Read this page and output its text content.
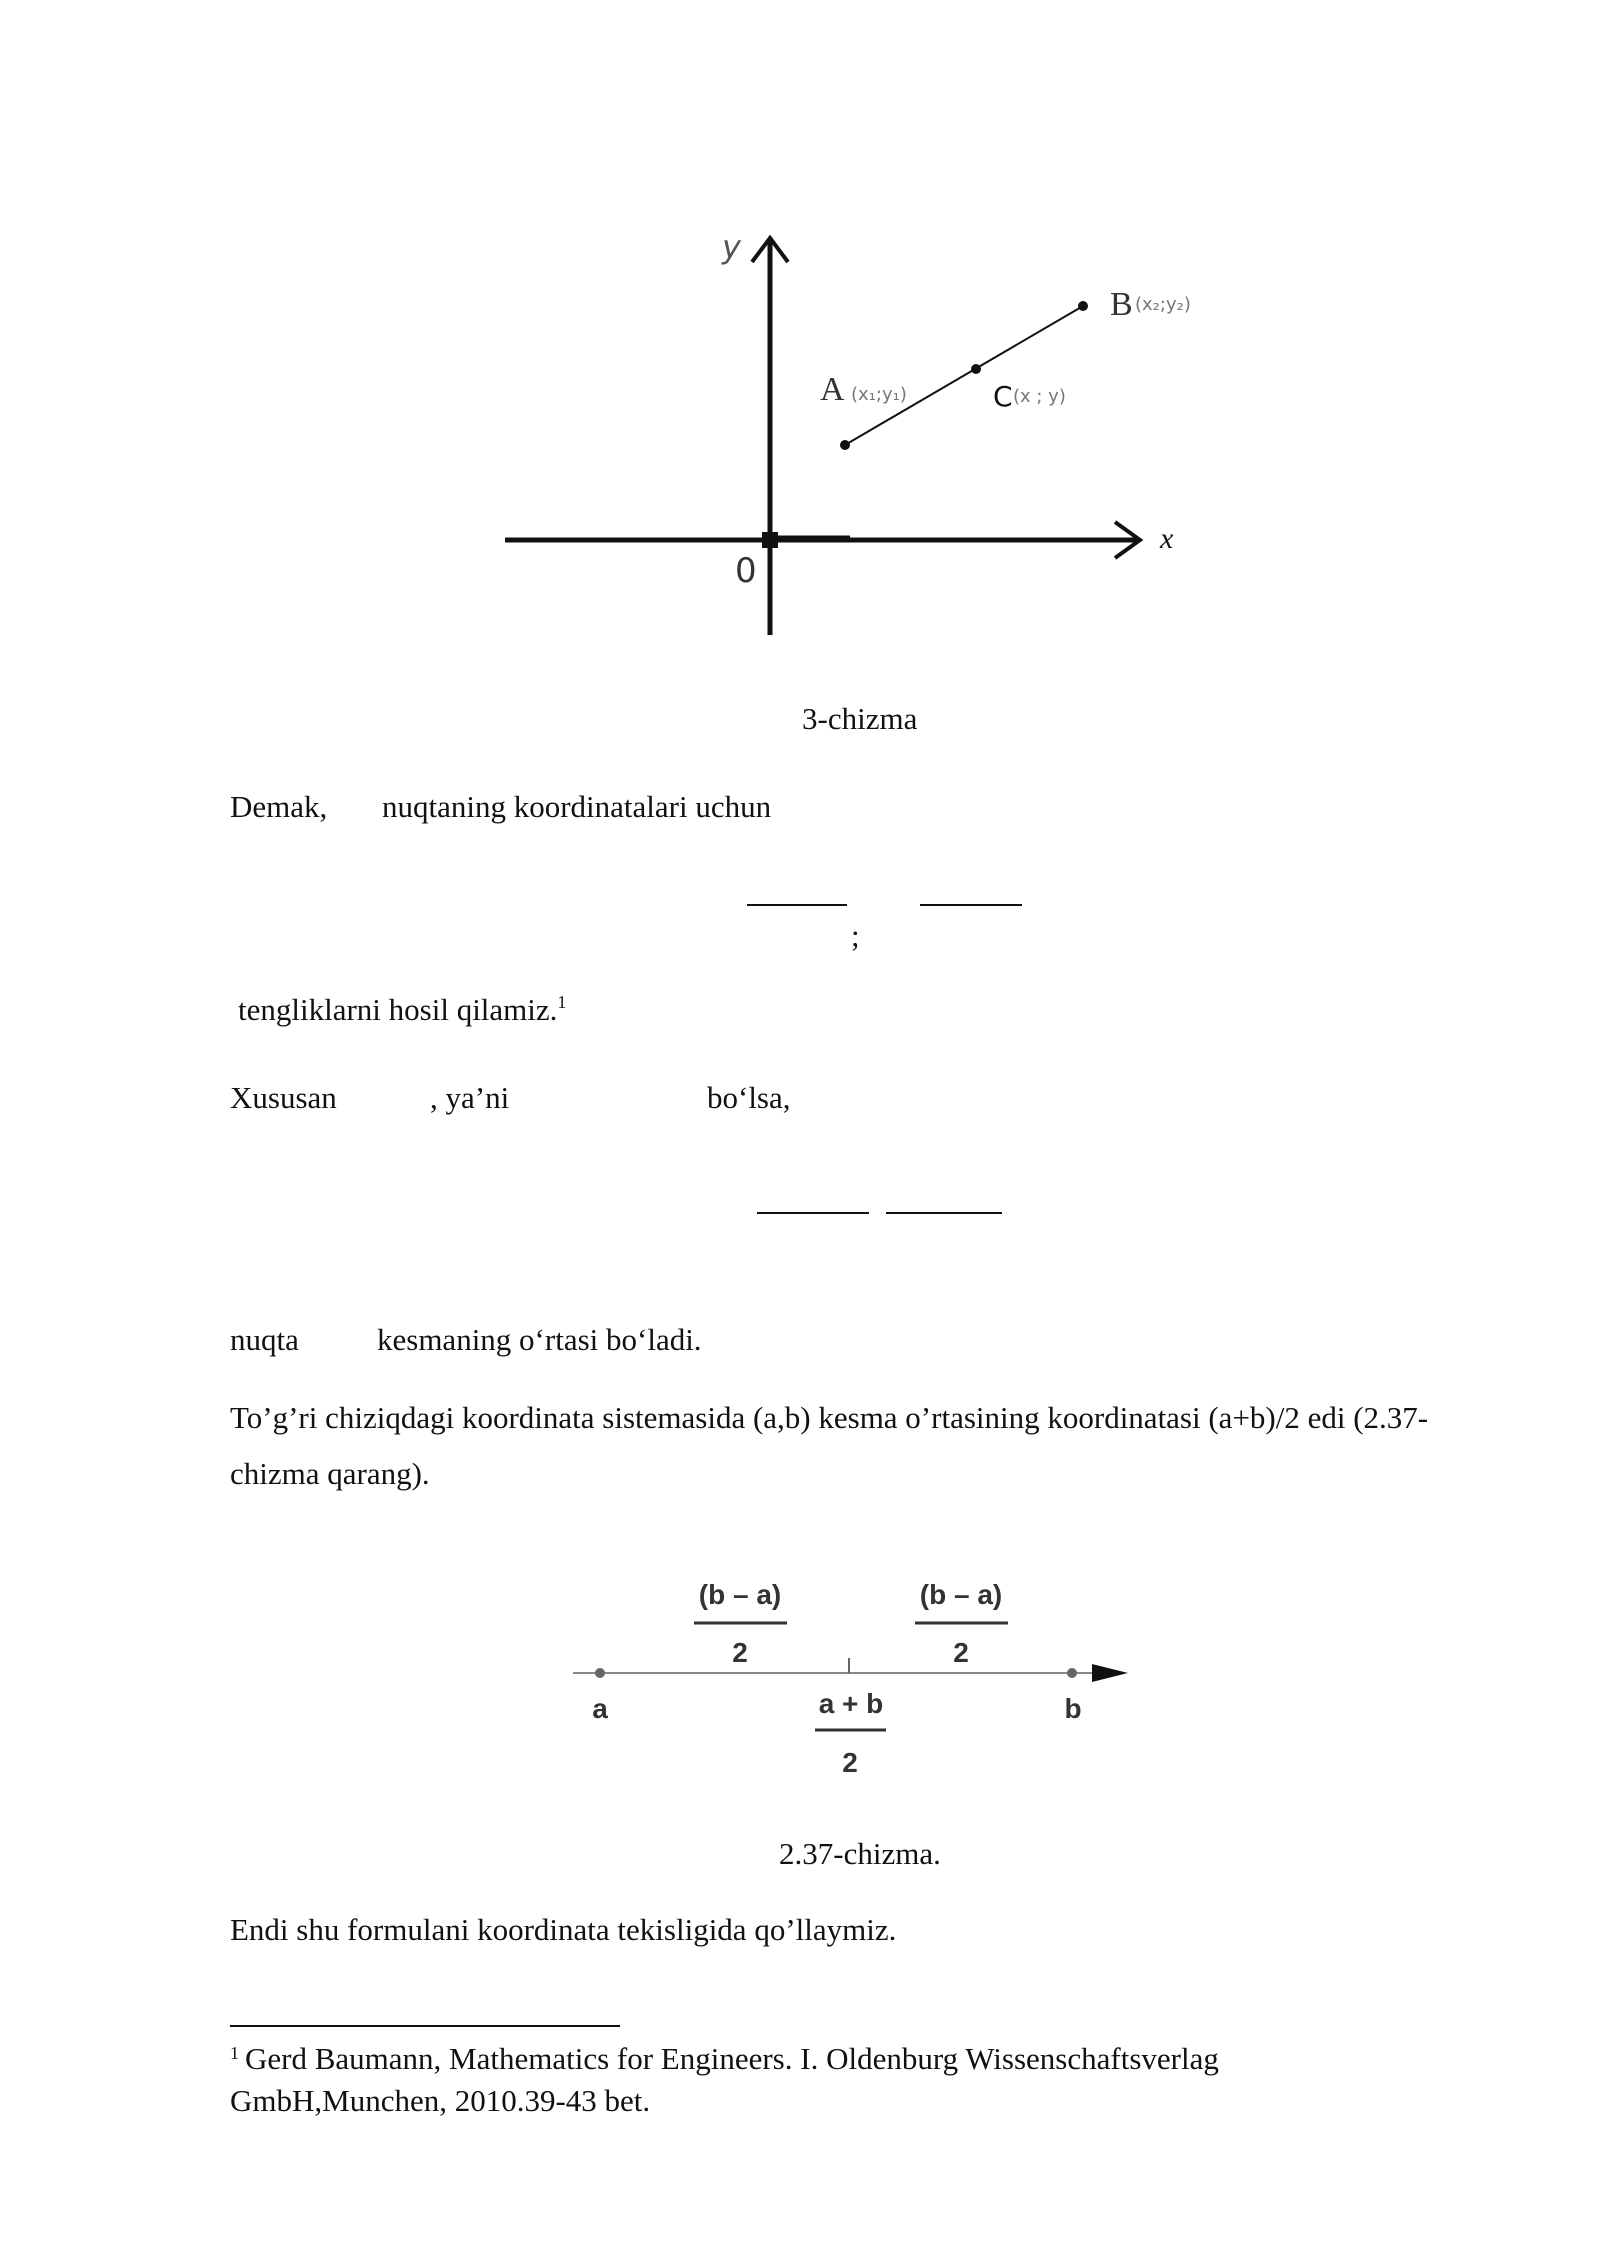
y
x
0
A (x₁;y₁)
B (x₂;y₂)
C (x ; y)
3-chizma
Demak, nuqtaning koordinatalari uchun
;
tengliklarni hosil qilamiz.$^1$
Xususan	, ya’ni	bo‘lsa,
nuqta	kesmaning o‘rtasi bo‘ladi.
To’g’ri chiziqdagi koordinata sistemasida (a,b) kesma o’rtasining koordinatasi (a+b)/2 edi (2.37-
chizma qarang).
(b – a)
2
(b – a)
2
a	b
a + b
2
2.37-chizma.
Endi shu formulani koordinata tekisligida qo’llaymiz.
$^1$ Gerd Baumann, Mathematics for Engineers. I. Oldenburg Wissenschaftsverlag
GmbH,Munchen, 2010.39-43 bet.
